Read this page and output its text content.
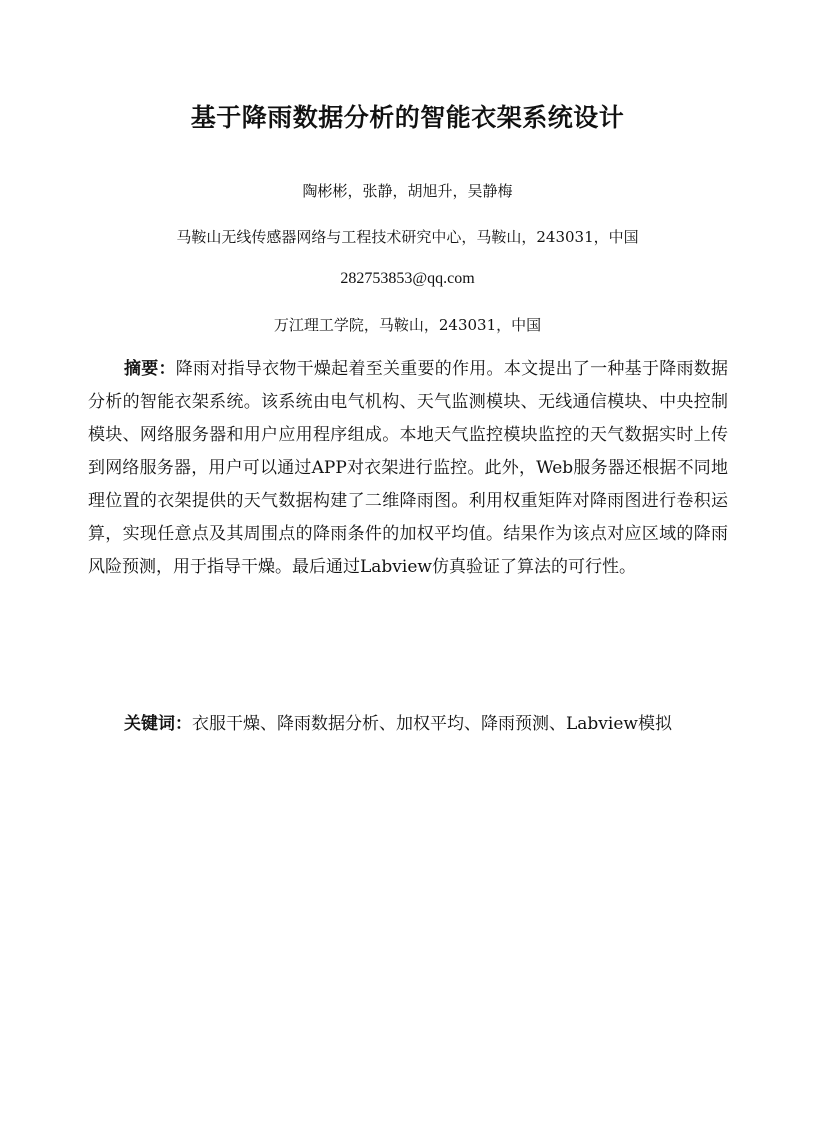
基于降雨数据分析的智能衣架系统设计

陶彬彬，张静，胡旭升，吴静梅

马鞍山无线传感器网络与工程技术研究中心，马鞍山，243031，中国

282753853@qq.com

万江理工学院，马鞍山，243031，中国

摘要：降雨对指导衣物干燥起着至关重要的作用。本文提出了一种基于降雨数据分析的智能衣架系统。该系统由电气机构、天气监测模块、无线通信模块、中央控制模块、网络服务器和用户应用程序组成。本地天气监控模块监控的天气数据实时上传到网络服务器，用户可以通过APP对衣架进行监控。此外，Web服务器还根据不同地理位置的衣架提供的天气数据构建了二维降雨图。利用权重矩阵对降雨图进行卷积运算，实现任意点及其周围点的降雨条件的加权平均值。结果作为该点对应区域的降雨风险预测，用于指导干燥。最后通过Labview仿真验证了算法的可行性。

关键词：衣服干燥、降雨数据分析、加权平均、降雨预测、Labview模拟
